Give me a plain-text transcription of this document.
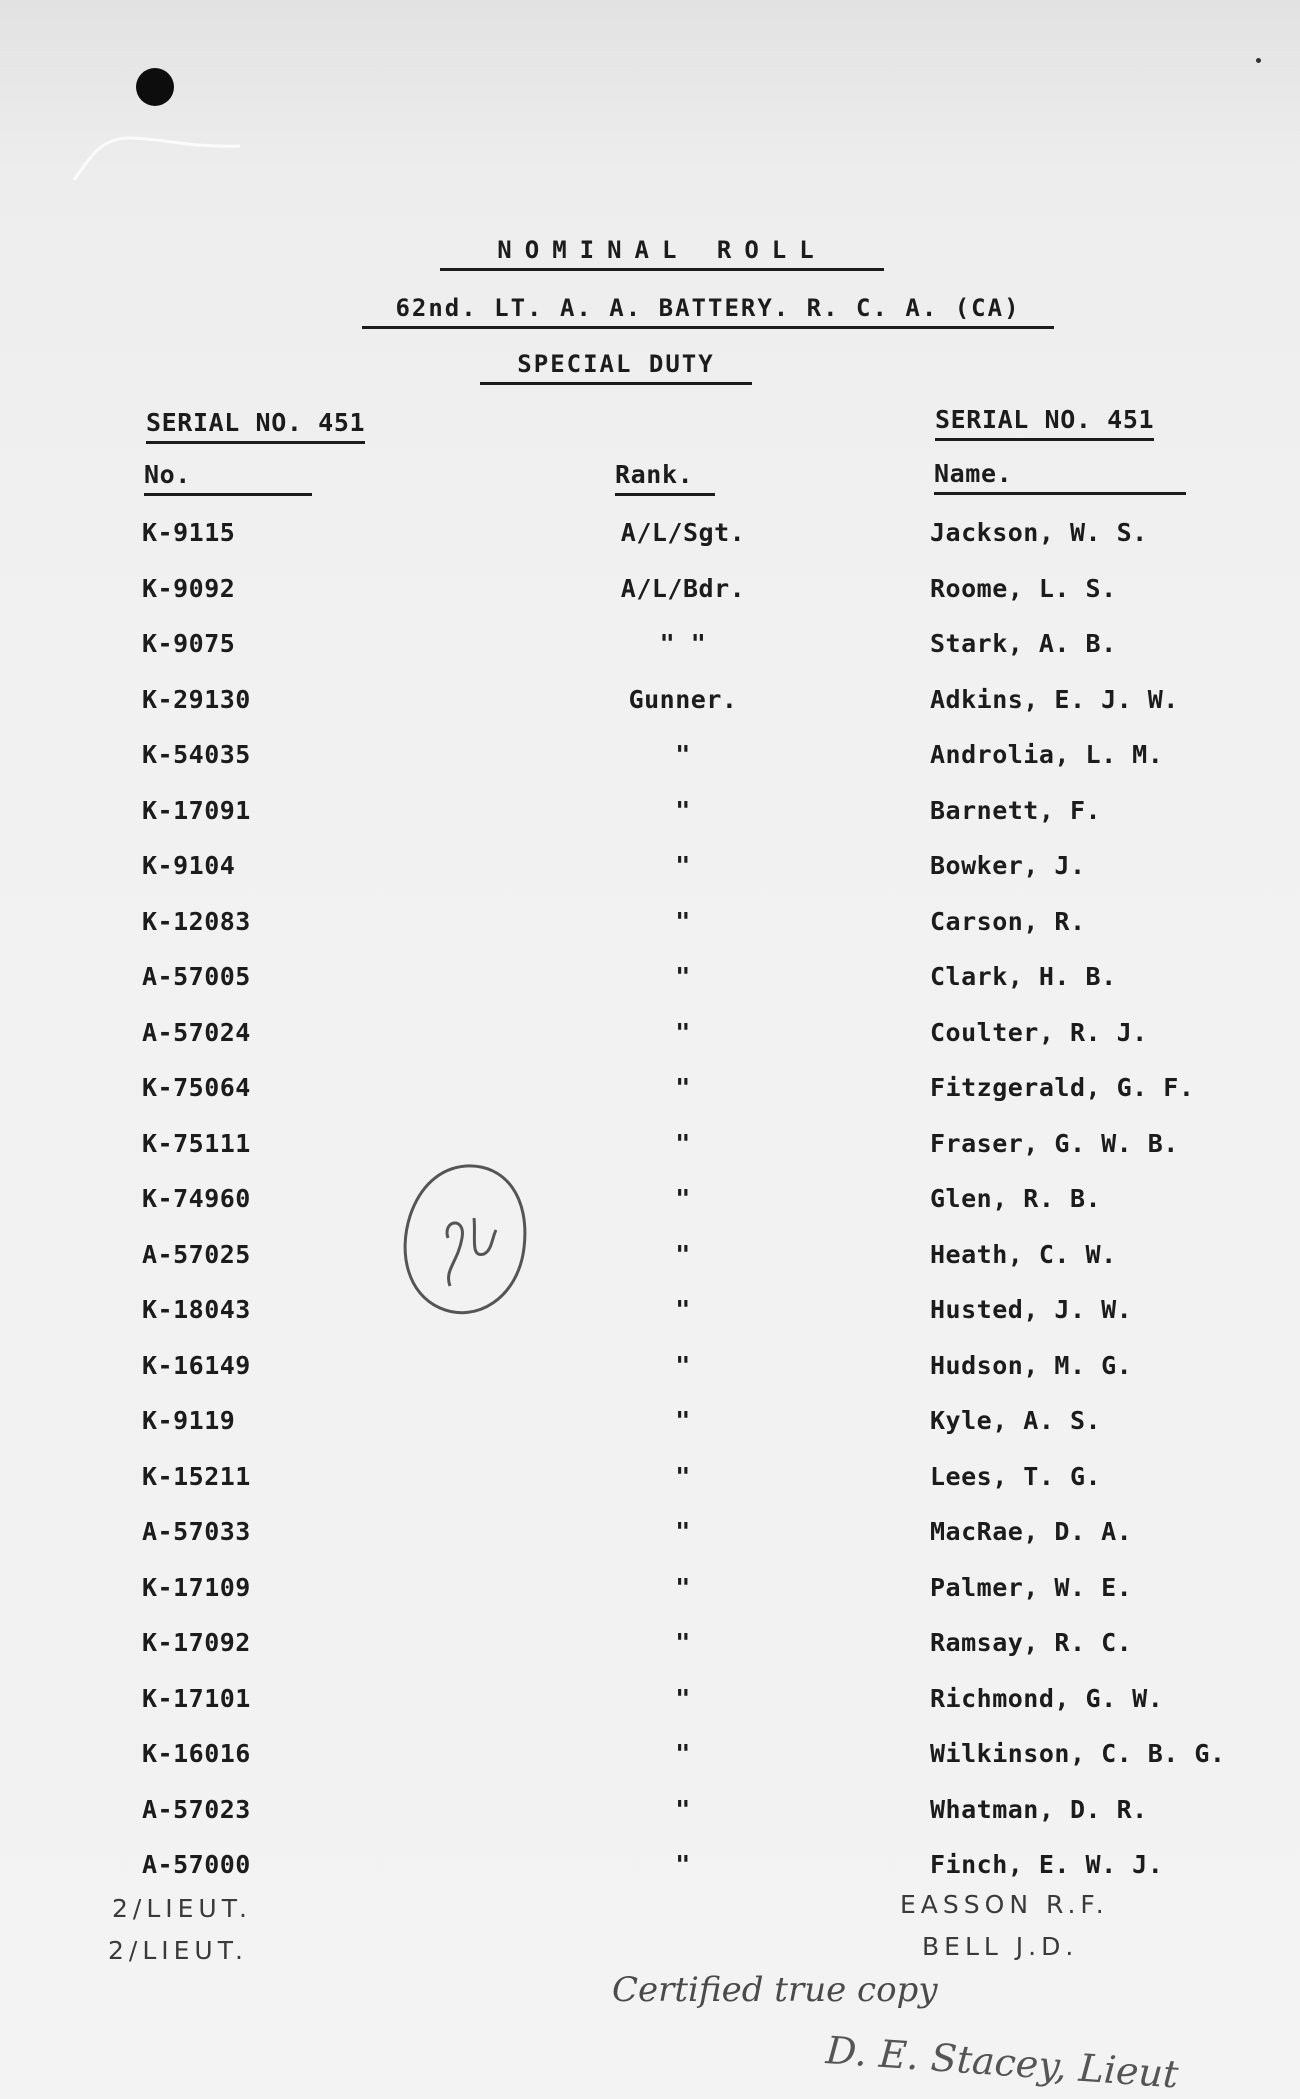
NOMINAL ROLL
62nd. LT. A. A. BATTERY. R. C. A. (CA)
SPECIAL DUTY
SERIAL NO. 451	SERIAL NO. 451
No.	Rank.	Name.
K-9115	A/L/Sgt.	Jackson, W. S.
K-9092	A/L/Bdr.	Roome, L. S.
K-9075	" "	Stark, A. B.
K-29130	Gunner.	Adkins, E. J. W.
K-54035	"	Androlia, L. M.
K-17091	"	Barnett, F.
K-9104	"	Bowker, J.
K-12083	"	Carson, R.
A-57005	"	Clark, H. B.
A-57024	"	Coulter, R. J.
K-75064	"	Fitzgerald, G. F.
K-75111	"	Fraser, G. W. B.
K-74960	"	Glen, R. B.
A-57025	"	Heath, C. W.
K-18043	"	Husted, J. W.
K-16149	"	Hudson, M. G.
K-9119	"	Kyle, A. S.
K-15211	"	Lees, T. G.
A-57033	"	MacRae, D. A.
K-17109	"	Palmer, W. E.
K-17092	"	Ramsay, R. C.
K-17101	"	Richmond, G. W.
K-16016	"	Wilkinson, C. B. G.
A-57023	"	Whatman, D. R.
A-57000	"	Finch, E. W. J.
2/LIEUT.	EASSON R.F.
2/LIEUT.	BELL J.D.
Certified true copy
D. E. Stacey, Lieut
